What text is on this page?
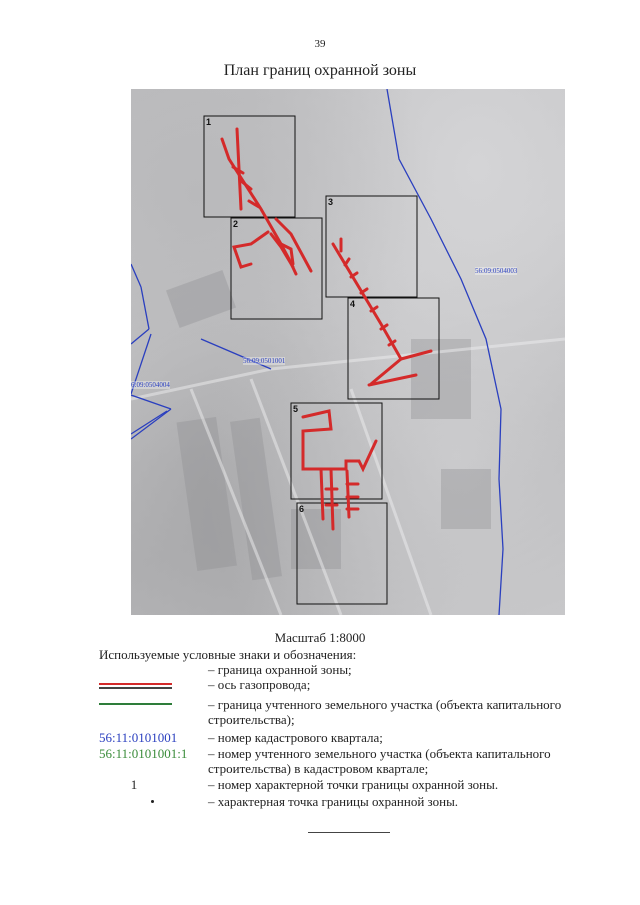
39
План границ охранной зоны
1
2
3
4
5
6
56:09:0504003
56:09:0501001
6:09:0504004
Масштаб 1:8000
Используемые условные знаки и обозначения:
– граница охранной зоны;
– ось газопровода;
– граница учтенного земельного участка (объекта капитального строительства);
56:11:0101001	– номер кадастрового квартала;
56:11:0101001:1	– номер учтенного земельного участка (объекта капитального строительства) в кадастровом квартале;
1	– номер характерной точки границы охранной зоны.
– характерная точка границы охранной зоны.
